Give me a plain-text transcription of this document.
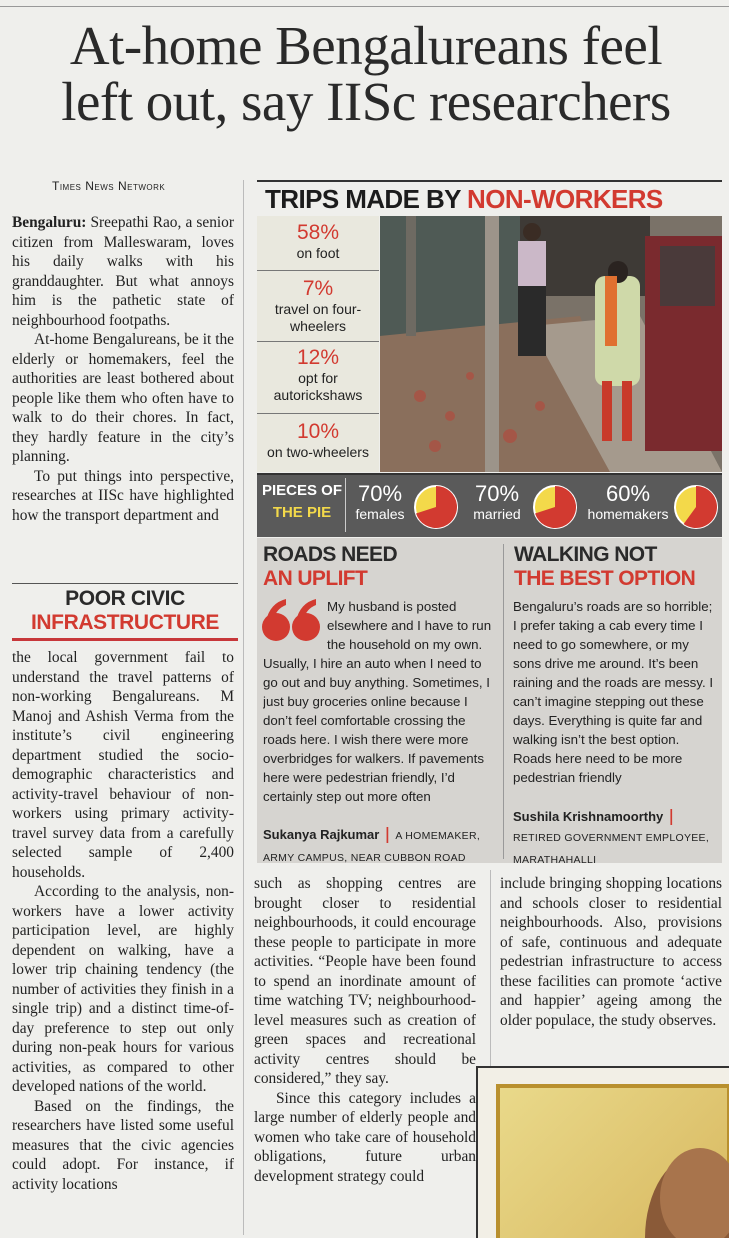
At-home Bengalureans feel
left out, say IISc researchers
Times News Network

Bengaluru: Sreepathi Rao, a senior citizen from Malleswaram, loves his daily walks with his granddaughter. But what annoys him is the pathetic state of neighbourhood footpaths.

At-home Bengalureans, be it the elderly or homemakers, feel the authorities are least bothered about people like them who often have to walk to do their chores. In fact, they hardly feature in the city’s planning.

To put things into perspective, researches at IISc have highlighted how the transport department and

POOR CIVIC
INFRASTRUCTURE

the local government fail to understand the travel patterns of non-working Bengalureans. M Manoj and Ashish Verma from the institute’s civil engineering department studied the socio-demographic characteristics and activity-travel behaviour of non-workers using primary activity-travel survey data from a carefully selected sample of 2,400 households.

According to the analysis, non-workers have a lower activity participation level, are highly dependent on walking, have a lower trip chaining tendency (the number of activities they finish in a single trip) and a distinct time-of-day preference to step out only during non-peak hours for various activities, as compared to other developed nations of the world.

Based on the findings, the researchers have listed some useful measures that the civic agencies could adopt. For instance, if activity locations

TRIPS MADE BY NON-WORKERS
58%
on foot
7%
travel on four-wheelers
12%
opt for autorickshaws
10%
on two-wheelers
PIECES OF
THE PIE
70%
females
70%
married
60%
homemakers
ROADS NEED
AN UPLIFT
My husband is posted elsewhere and I have to run the household on my own. Usually, I hire an auto when I need to go out and buy anything. Sometimes, I just buy groceries online because I don’t feel comfortable crossing the roads here. I wish there were more overbridges for walkers. If pavements here were pedestrian friendly, I’d certainly step out more often
Sukanya Rajkumar | A HOMEMAKER, ARMY CAMPUS, NEAR CUBBON ROAD
WALKING NOT
THE BEST OPTION
Bengaluru’s roads are so horrible; I prefer taking a cab every time I need to go somewhere, or my sons drive me around. It’s been raining and the roads are messy. I can’t imagine stepping out these days. Everything is quite far and walking isn’t the best option. Roads here need to be more pedestrian friendly
Sushila Krishnamoorthy | RETIRED GOVERNMENT EMPLOYEE, MARATHAHALLI

such as shopping centres are brought closer to residential neighbourhoods, it could encourage these people to participate in more activities. “People have been found to spend an inordinate amount of time watching TV; neighbourhood-level measures such as creation of green spaces and recreational activity centres should be considered,” they say.

Since this category includes a large number of elderly people and women who take care of household obligations, future urban development strategy could

include bringing shopping locations and schools closer to residential neighbourhoods. Also, provisions of safe, continuous and adequate pedestrian infrastructure to access these facilities can promote ‘active and happier’ ageing among the older populace, the study observes.
